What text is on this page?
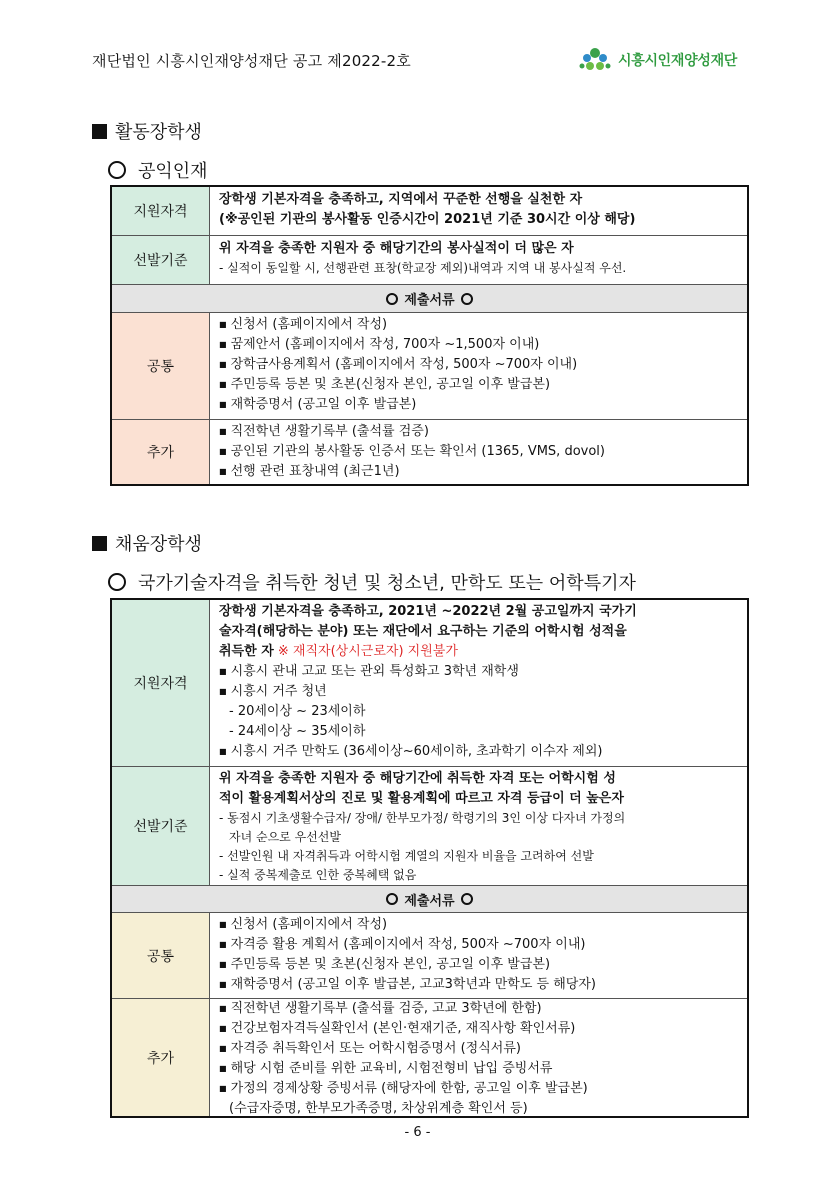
재단법인 시흥시인재양성재단 공고 제2022-2호	시흥시인재양성재단
활동장학생
공익인재
지원자격
장학생 기본자격을 충족하고, 지역에서 꾸준한 선행을 실천한 자
(※공인된 기관의 봉사활동 인증시간이 2021년 기준 30시간 이상 해당)
선발기준
위 자격을 충족한 지원자 중 해당기간의 봉사실적이 더 많은 자
- 실적이 동일할 시, 선행관련 표창(학교장 제외)내역과 지역 내 봉사실적 우선.
제출서류
공통
■ 신청서 (홈페이지에서 작성)
■ 꿈제안서 (홈페이지에서 작성, 700자 ~1,500자 이내)
■ 장학금사용계획서 (홈페이지에서 작성, 500자 ~700자 이내)
■ 주민등록 등본 및 초본(신청자 본인, 공고일 이후 발급본)
■ 재학증명서 (공고일 이후 발급본)
추가
■ 직전학년 생활기록부 (출석률 검증)
■ 공인된 기관의 봉사활동 인증서 또는 확인서 (1365, VMS, dovol)
■ 선행 관련 표창내역 (최근1년)
채움장학생
국가기술자격을 취득한 청년 및 청소년, 만학도 또는 어학특기자
지원자격
장학생 기본자격을 충족하고, 2021년 ~2022년 2월 공고일까지 국가기
술자격(해당하는 분야) 또는 재단에서 요구하는 기준의 어학시험 성적을
취득한 자 ※ 재직자(상시근로자) 지원불가
■ 시흥시 관내 고교 또는 관외 특성화고 3학년 재학생
■ 시흥시 거주 청년
- 20세이상 ~ 23세이하
- 24세이상 ~ 35세이하
■ 시흥시 거주 만학도 (36세이상~60세이하, 초과학기 이수자 제외)
선발기준
위 자격을 충족한 지원자 중 해당기간에 취득한 자격 또는 어학시험 성
적이 활용계획서상의 진로 및 활용계획에 따르고 자격 등급이 더 높은자
- 동점시 기초생활수급자/ 장애/ 한부모가정/ 학령기의 3인 이상 다자녀 가정의
자녀 순으로 우선선발
- 선발인원 내 자격취득과 어학시험 계열의 지원자 비율을 고려하여 선발
- 실적 중복제출로 인한 중복혜택 없음
제출서류
공통
■ 신청서 (홈페이지에서 작성)
■ 자격증 활용 계획서 (홈페이지에서 작성, 500자 ~700자 이내)
■ 주민등록 등본 및 초본(신청자 본인, 공고일 이후 발급본)
■ 재학증명서 (공고일 이후 발급본, 고교3학년과 만학도 등 해당자)
추가
■ 직전학년 생활기록부 (출석률 검증, 고교 3학년에 한함)
■ 건강보험자격득실확인서 (본인·현재기준, 재직사항 확인서류)
■ 자격증 취득확인서 또는 어학시험증명서 (정식서류)
■ 해당 시험 준비를 위한 교육비, 시험전형비 납입 증빙서류
■ 가정의 경제상황 증빙서류 (해당자에 한함, 공고일 이후 발급본)
(수급자증명, 한부모가족증명, 차상위계층 확인서 등)
- 6 -
